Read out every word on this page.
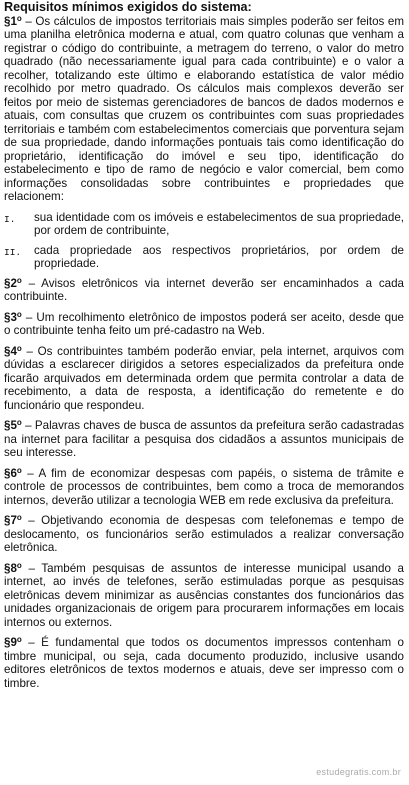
Requisitos mínimos exigidos do sistema:

§1$^o$ – Os cálculos de impostos territoriais mais simples poderão ser feitos em uma planilha eletrônica moderna e atual, com quatro colunas que venham a registrar o código do contribuinte, a metragem do terreno, o valor do metro quadrado (não necessariamente igual para cada contribuinte) e o valor a recolher, totalizando este último e elaborando estatística de valor médio recolhido por metro quadrado. Os cálculos mais complexos deverão ser feitos por meio de sistemas gerenciadores de bancos de dados modernos e atuais, com consultas que cruzem os contribuintes com suas propriedades territoriais e também com estabelecimentos comerciais que porventura sejam de sua propriedade, dando informações pontuais tais como identificação do proprietário, identificação do imóvel e seu tipo, identificação do estabelecimento e tipo de ramo de negócio e valor comercial, bem como informações consolidadas sobre contribuintes e propriedades que relacionem:

I.	sua identidade com os imóveis e estabelecimentos de sua propriedade, por ordem de contribuinte,
II.	cada propriedade aos respectivos proprietários, por ordem de propriedade.

§2$^o$ – Avisos eletrônicos via internet deverão ser encaminhados a cada contribuinte.

§3$^o$ – Um recolhimento eletrônico de impostos poderá ser aceito, desde que o contribuinte tenha feito um pré-cadastro na Web.

§4$^o$ – Os contribuintes também poderão enviar, pela internet, arquivos com dúvidas a esclarecer dirigidos a setores especializados da prefeitura onde ficarão arquivados em determinada ordem que permita controlar a data de recebimento, a data de resposta, a identificação do remetente e do funcionário que respondeu.

§5$^o$ – Palavras chaves de busca de assuntos da prefeitura serão cadastradas na internet para facilitar a pesquisa dos cidadãos a assuntos municipais de seu interesse.

§6$^o$ – A fim de economizar despesas com papéis, o sistema de trâmite e controle de processos de contribuintes, bem como a troca de memorandos internos, deverão utilizar a tecnologia WEB em rede exclusiva da prefeitura.

§7$^o$ – Objetivando economia de despesas com telefonemas e tempo de deslocamento, os funcionários serão estimulados a realizar conversação eletrônica.

§8$^o$ – Também pesquisas de assuntos de interesse municipal usando a internet, ao invés de telefones, serão estimuladas porque as pesquisas eletrônicas devem minimizar as ausências constantes dos funcionários das unidades organizacionais de origem para procurarem informações em locais internos ou externos.

§9$^o$ – É fundamental que todos os documentos impressos contenham o timbre municipal, ou seja, cada documento produzido, inclusive usando editores eletrônicos de textos modernos e atuais, deve ser impresso com o timbre.

estudegratis.com.br
